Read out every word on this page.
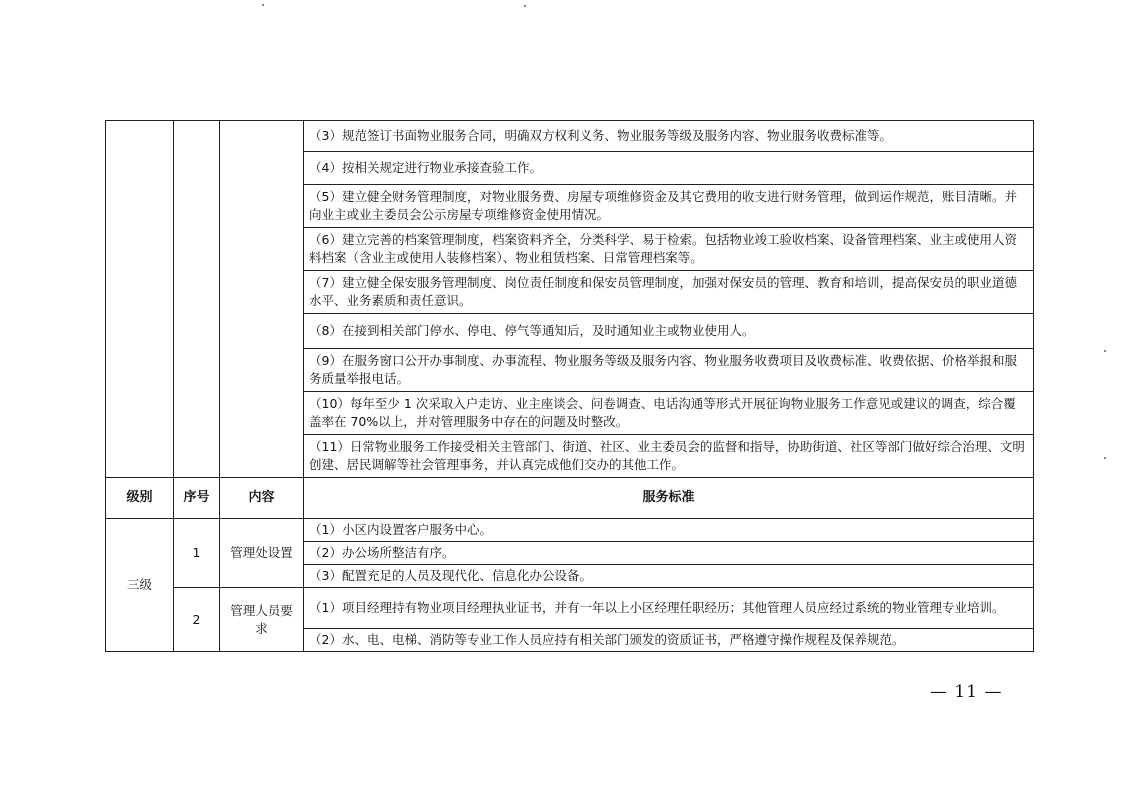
			（3）规范签订书面物业服务合同，明确双方权利义务、物业服务等级及服务内容、物业服务收费标准等。
			（4）按相关规定进行物业承接查验工作。
			（5）建立健全财务管理制度，对物业服务费、房屋专项维修资金及其它费用的收支进行财务管理，做到运作规范，账目清晰。并向业主或业主委员会公示房屋专项维修资金使用情况。
			（6）建立完善的档案管理制度，档案资料齐全，分类科学、易于检索。包括物业竣工验收档案、设备管理档案、业主或使用人资料档案（含业主或使用人装修档案）、物业租赁档案、日常管理档案等。
			（7）建立健全保安服务管理制度、岗位责任制度和保安员管理制度，加强对保安员的管理、教育和培训，提高保安员的职业道德水平、业务素质和责任意识。
			（8）在接到相关部门停水、停电、停气等通知后，及时通知业主或物业使用人。
			（9）在服务窗口公开办事制度、办事流程、物业服务等级及服务内容、物业服务收费项目及收费标准、收费依据、价格举报和服务质量举报电话。
			（10）每年至少 1 次采取入户走访、业主座谈会、问卷调查、电话沟通等形式开展征询物业服务工作意见或建议的调查，综合覆盖率在 70%以上，并对管理服务中存在的问题及时整改。
			（11）日常物业服务工作接受相关主管部门、街道、社区、业主委员会的监督和指导，协助街道、社区等部门做好综合治理、文明创建、居民调解等社会管理事务，并认真完成他们交办的其他工作。
级别	序号	内容	服务标准
三级	1	管理处设置	（1）小区内设置客户服务中心。
			（2）办公场所整洁有序。
			（3）配置充足的人员及现代化、信息化办公设备。
	2	管理人员要求	（1）项目经理持有物业项目经理执业证书，并有一年以上小区经理任职经历；其他管理人员应经过系统的物业管理专业培训。
			（2）水、电、电梯、消防等专业工作人员应持有相关部门颁发的资质证书，严格遵守操作规程及保养规范。
— 11 —
